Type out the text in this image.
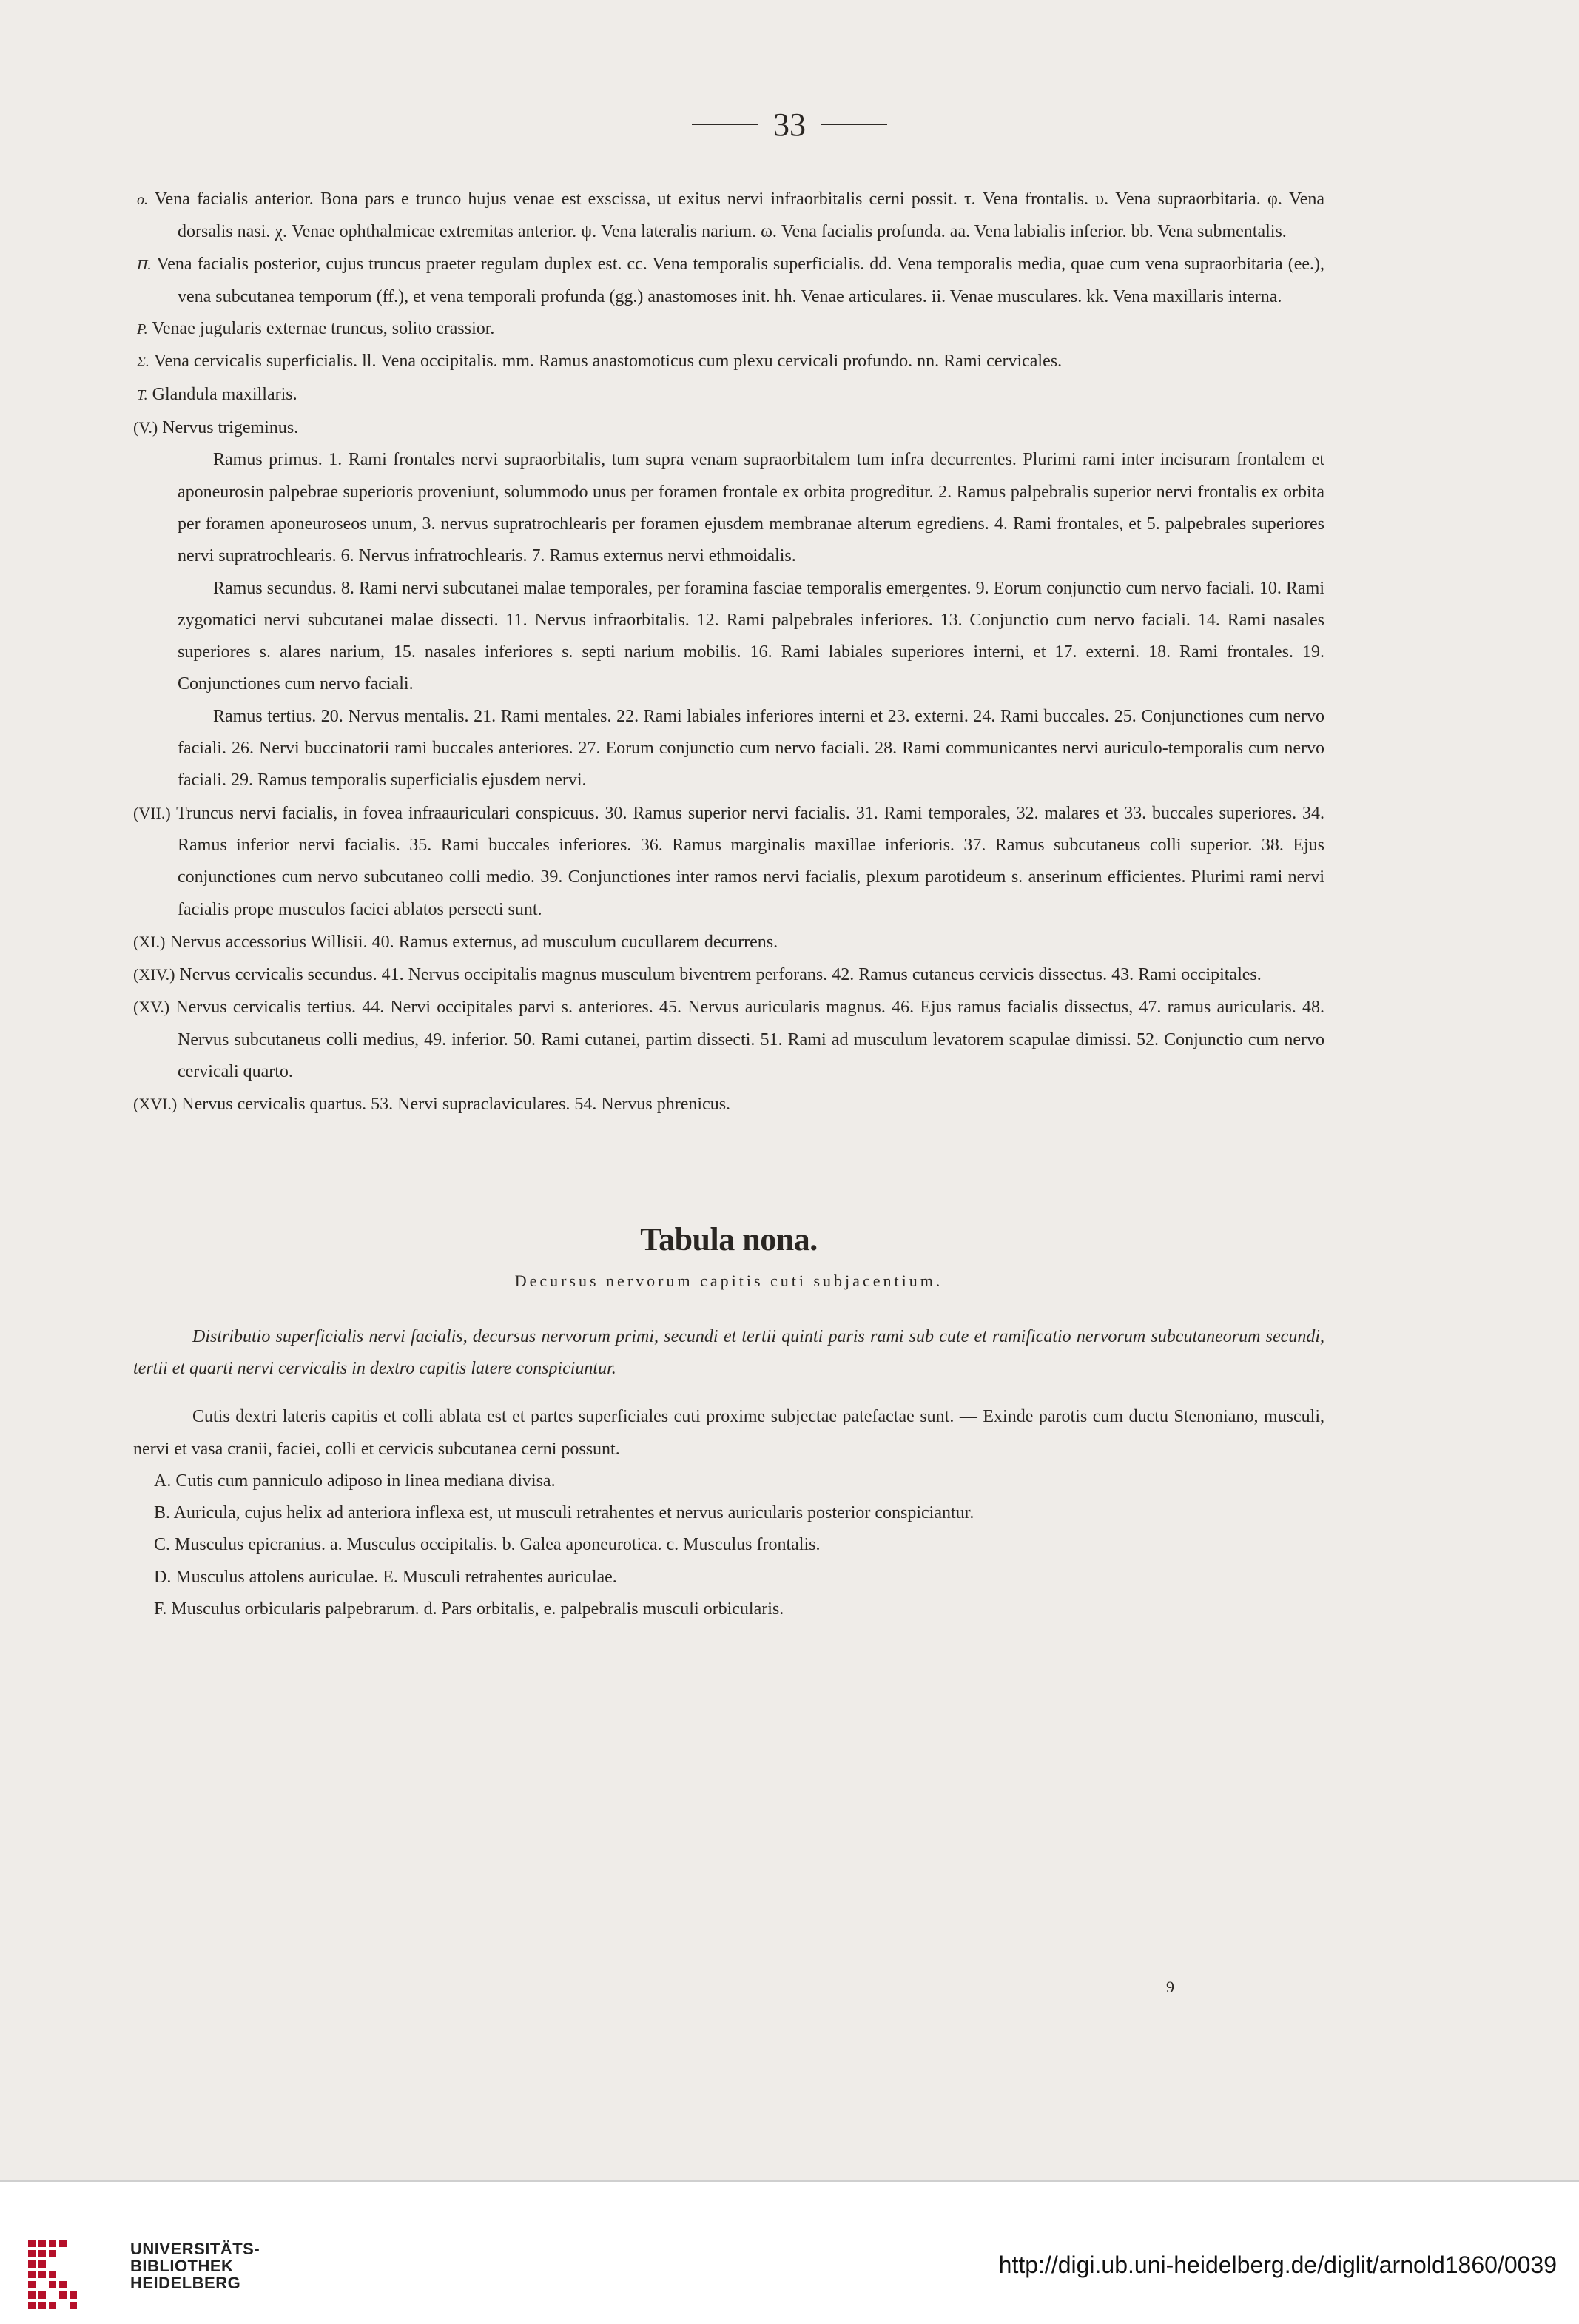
33

o. Vena facialis anterior. Bona pars e trunco hujus venae est exscissa, ut exitus nervi infraorbitalis cerni possit. τ. Vena frontalis. υ. Vena supraorbitaria. φ. Vena dorsalis nasi. χ. Venae ophthalmicae extremitas anterior. ψ. Vena lateralis narium. ω. Vena facialis profunda. aa. Vena labialis inferior. bb. Vena submentalis.

Π. Vena facialis posterior, cujus truncus praeter regulam duplex est. cc. Vena temporalis superficialis. dd. Vena temporalis media, quae cum vena supraorbitaria (ee.), vena subcutanea temporum (ff.), et vena temporali profunda (gg.) anastomoses init. hh. Venae articulares. ii. Venae musculares. kk. Vena maxillaris interna.

P. Venae jugularis externae truncus, solito crassior.

Σ. Vena cervicalis superficialis. ll. Vena occipitalis. mm. Ramus anastomoticus cum plexu cervicali profundo. nn. Rami cervicales.

T. Glandula maxillaris.

(V.) Nervus trigeminus.

Ramus primus. 1. Rami frontales nervi supraorbitalis, tum supra venam supraorbitalem tum infra decurrentes. Plurimi rami inter incisuram frontalem et aponeurosin palpebrae superioris proveniunt, solummodo unus per foramen frontale ex orbita progreditur. 2. Ramus palpebralis superior nervi frontalis ex orbita per foramen aponeuroseos unum, 3. nervus supratrochlearis per foramen ejusdem membranae alterum egrediens. 4. Rami frontales, et 5. palpebrales superiores nervi supratrochlearis. 6. Nervus infratrochlearis. 7. Ramus externus nervi ethmoidalis.

Ramus secundus. 8. Rami nervi subcutanei malae temporales, per foramina fasciae temporalis emergentes. 9. Eorum conjunctio cum nervo faciali. 10. Rami zygomatici nervi subcutanei malae dissecti. 11. Nervus infraorbitalis. 12. Rami palpebrales inferiores. 13. Conjunctio cum nervo faciali. 14. Rami nasales superiores s. alares narium, 15. nasales inferiores s. septi narium mobilis. 16. Rami labiales superiores interni, et 17. externi. 18. Rami frontales. 19. Conjunctiones cum nervo faciali.

Ramus tertius. 20. Nervus mentalis. 21. Rami mentales. 22. Rami labiales inferiores interni et 23. externi. 24. Rami buccales. 25. Conjunctiones cum nervo faciali. 26. Nervi buccinatorii rami buccales anteriores. 27. Eorum conjunctio cum nervo faciali. 28. Rami communicantes nervi auriculo-temporalis cum nervo faciali. 29. Ramus temporalis superficialis ejusdem nervi.

(VII.) Truncus nervi facialis, in fovea infraauriculari conspicuus. 30. Ramus superior nervi facialis. 31. Rami temporales, 32. malares et 33. buccales superiores. 34. Ramus inferior nervi facialis. 35. Rami buccales inferiores. 36. Ramus marginalis maxillae inferioris. 37. Ramus subcutaneus colli superior. 38. Ejus conjunctiones cum nervo subcutaneo colli medio. 39. Conjunctiones inter ramos nervi facialis, plexum parotideum s. anserinum efficientes. Plurimi rami nervi facialis prope musculos faciei ablatos persecti sunt.

(XI.) Nervus accessorius Willisii. 40. Ramus externus, ad musculum cucullarem decurrens.

(XIV.) Nervus cervicalis secundus. 41. Nervus occipitalis magnus musculum biventrem perforans. 42. Ramus cutaneus cervicis dissectus. 43. Rami occipitales.

(XV.) Nervus cervicalis tertius. 44. Nervi occipitales parvi s. anteriores. 45. Nervus auricularis magnus. 46. Ejus ramus facialis dissectus, 47. ramus auricularis. 48. Nervus subcutaneus colli medius, 49. inferior. 50. Rami cutanei, partim dissecti. 51. Rami ad musculum levatorem scapulae dimissi. 52. Conjunctio cum nervo cervicali quarto.

(XVI.) Nervus cervicalis quartus. 53. Nervi supraclaviculares. 54. Nervus phrenicus.

Tabula nona.
Decursus nervorum capitis cuti subjacentium.

Distributio superficialis nervi facialis, decursus nervorum primi, secundi et tertii quinti paris rami sub cute et ramificatio nervorum subcutaneorum secundi, tertii et quarti nervi cervicalis in dextro capitis latere conspiciuntur.

Cutis dextri lateris capitis et colli ablata est et partes superficiales cuti proxime subjectae patefactae sunt. — Exinde parotis cum ductu Stenoniano, musculi, nervi et vasa cranii, faciei, colli et cervicis subcutanea cerni possunt.

A. Cutis cum panniculo adiposo in linea mediana divisa.

B. Auricula, cujus helix ad anteriora inflexa est, ut musculi retrahentes et nervus auricularis posterior conspiciantur.

C. Musculus epicranius. a. Musculus occipitalis. b. Galea aponeurotica. c. Musculus frontalis.

D. Musculus attolens auriculae. E. Musculi retrahentes auriculae.

F. Musculus orbicularis palpebrarum. d. Pars orbitalis, e. palpebralis musculi orbicularis.

9
UNIVERSITÄTS-
BIBLIOTHEK
HEIDELBERG
http://digi.ub.uni-heidelberg.de/diglit/arnold1860/0039
